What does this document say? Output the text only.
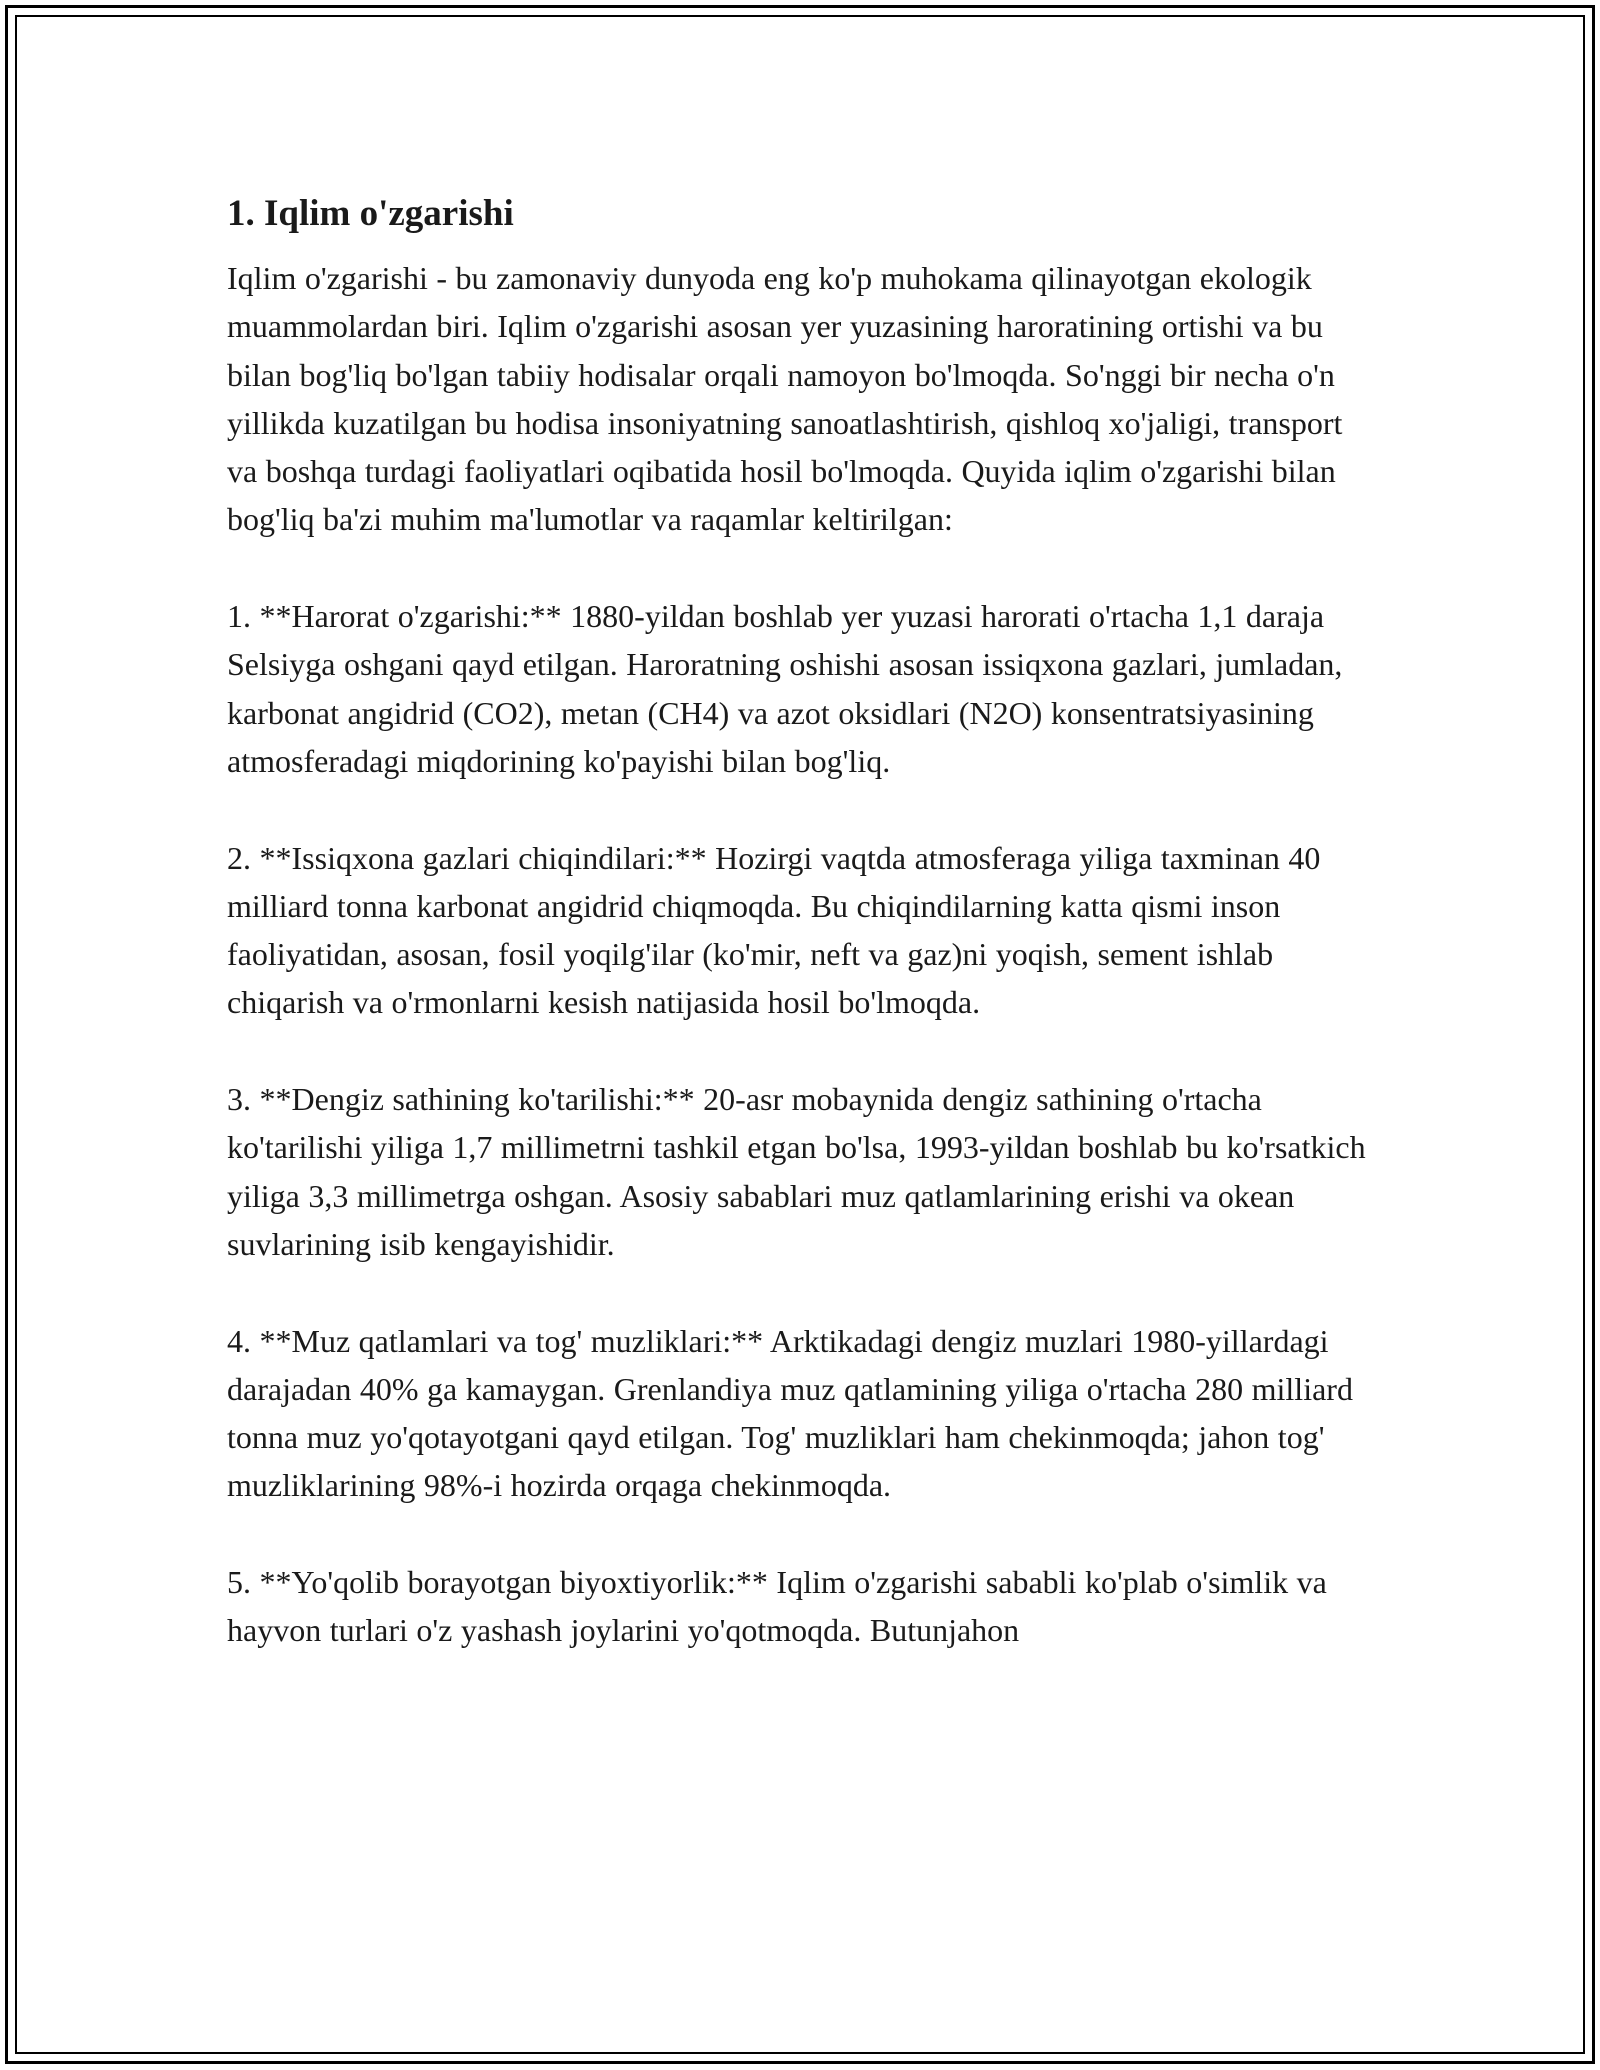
1. Iqlim o'zgarishi

Iqlim o'zgarishi - bu zamonaviy dunyoda eng ko'p muhokama qilinayotgan ekologik muammolardan biri. Iqlim o'zgarishi asosan yer yuzasining haroratining ortishi va bu bilan bog'liq bo'lgan tabiiy hodisalar orqali namoyon bo'lmoqda. So'nggi bir necha o'n yillikda kuzatilgan bu hodisa insoniyatning sanoatlashtirish, qishloq xo'jaligi, transport va boshqa turdagi faoliyatlari oqibatida hosil bo'lmoqda. Quyida iqlim o'zgarishi bilan bog'liq ba'zi muhim ma'lumotlar va raqamlar keltirilgan:

1. **Harorat o'zgarishi:** 1880-yildan boshlab yer yuzasi harorati o'rtacha 1,1 daraja Selsiyga oshgani qayd etilgan. Haroratning oshishi asosan issiqxona gazlari, jumladan, karbonat angidrid (CO2), metan (CH4) va azot oksidlari (N2O) konsentratsiyasining atmosferadagi miqdorining ko'payishi bilan bog'liq.

2. **Issiqxona gazlari chiqindilari:** Hozirgi vaqtda atmosferaga yiliga taxminan 40 milliard tonna karbonat angidrid chiqmoqda. Bu chiqindilarning katta qismi inson faoliyatidan, asosan, fosil yoqilg'ilar (ko'mir, neft va gaz)ni yoqish, sement ishlab chiqarish va o'rmonlarni kesish natijasida hosil bo'lmoqda.

3. **Dengiz sathining ko'tarilishi:** 20-asr mobaynida dengiz sathining o'rtacha ko'tarilishi yiliga 1,7 millimetrni tashkil etgan bo'lsa, 1993-yildan boshlab bu ko'rsatkich yiliga 3,3 millimetrga oshgan. Asosiy sabablari muz qatlamlarining erishi va okean suvlarining isib kengayishidir.

4. **Muz qatlamlari va tog' muzliklari:** Arktikadagi dengiz muzlari 1980-yillardagi darajadan 40% ga kamaygan. Grenlandiya muz qatlamining yiliga o'rtacha 280 milliard tonna muz yo'qotayotgani qayd etilgan. Tog' muzliklari ham chekinmoqda; jahon tog' muzliklarining 98%-i hozirda orqaga chekinmoqda.

5. **Yo'qolib borayotgan biyoxtiyorlik:** Iqlim o'zgarishi sababli ko'plab o'simlik va hayvon turlari o'z yashash joylarini yo'qotmoqda. Butunjahon
